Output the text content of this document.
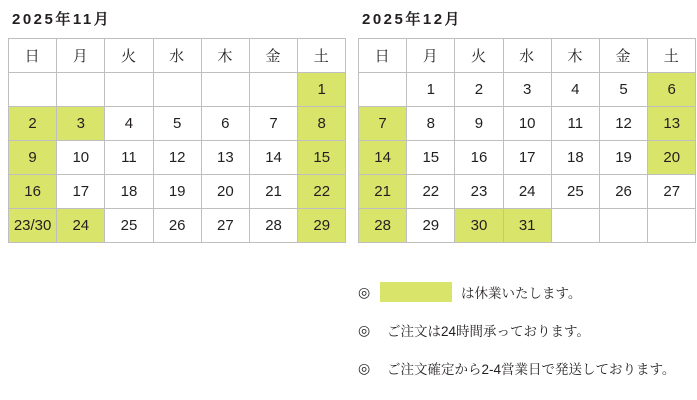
2025年11月
日	月	火	水	木	金	土
						1
2	3	4	5	6	7	8
9	10	11	12	13	14	15
16	17	18	19	20	21	22
23/30	24	25	26	27	28	29
2025年12月
日	月	火	水	木	金	土
	1	2	3	4	5	6
7	8	9	10	11	12	13
14	15	16	17	18	19	20
21	22	23	24	25	26	27
28	29	30	31			
◎	は休業いたします。
◎ ご注文は24時間承っております。
◎ ご注文確定から2-4営業日で発送しております。
